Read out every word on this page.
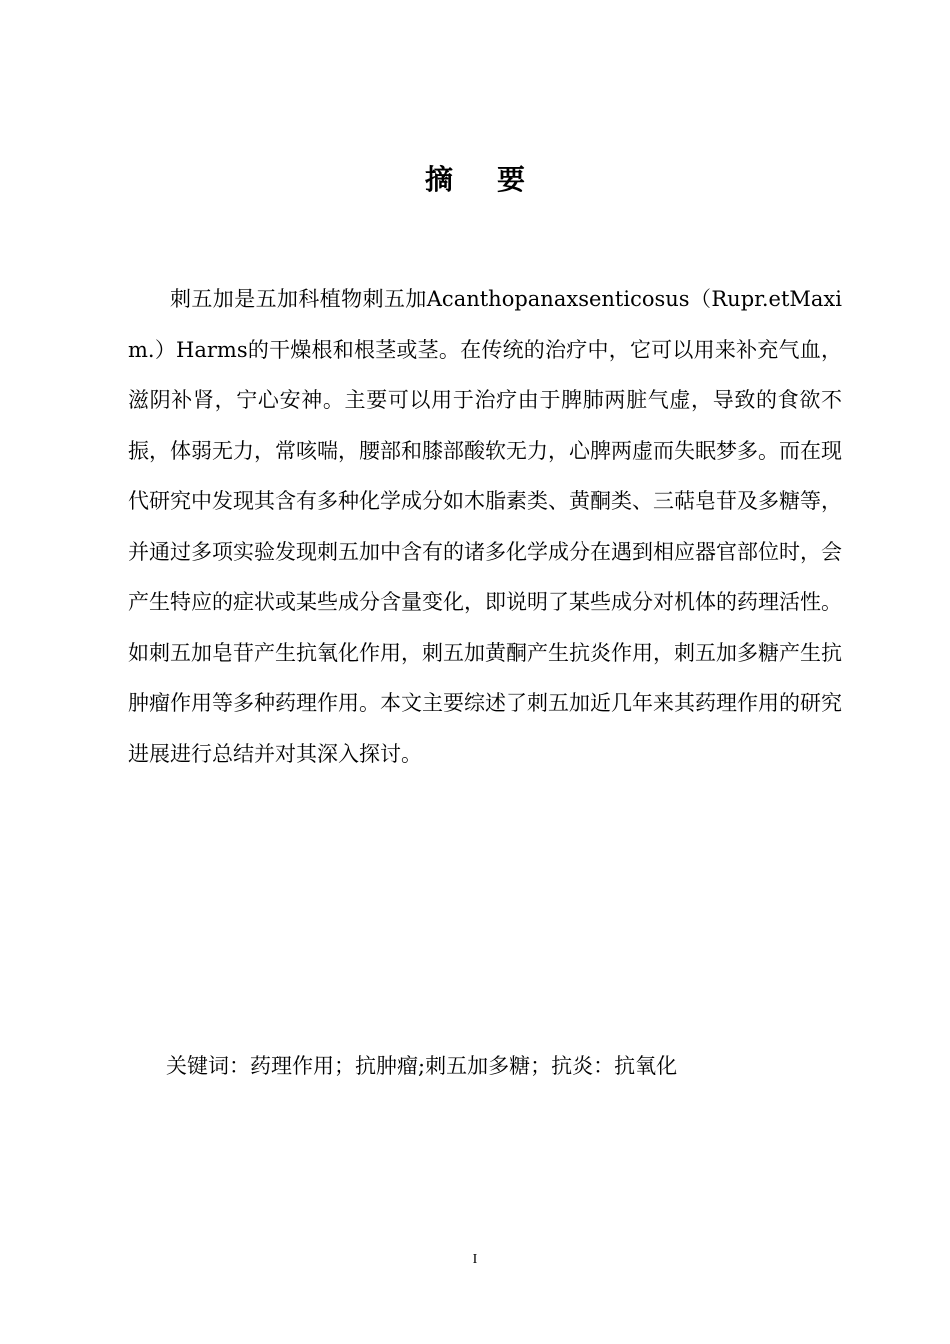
摘要
刺五加是五加科植物刺五加Acanthopanaxsenticosus（Rupr.etMaxim.）Harms的干燥根和根茎或茎。在传统的治疗中，它可以用来补充气血，滋阴补肾，宁心安神。主要可以用于治疗由于脾肺两脏气虚，导致的食欲不振，体弱无力，常咳喘，腰部和膝部酸软无力，心脾两虚而失眠梦多。而在现代研究中发现其含有多种化学成分如木脂素类、黄酮类、三萜皂苷及多糖等，并通过多项实验发现刺五加中含有的诸多化学成分在遇到相应器官部位时，会产生特应的症状或某些成分含量变化，即说明了某些成分对机体的药理活性。如刺五加皂苷产生抗氧化作用，刺五加黄酮产生抗炎作用，刺五加多糖产生抗肿瘤作用等多种药理作用。本文主要综述了刺五加近几年来其药理作用的研究进展进行总结并对其深入探讨。
关键词：药理作用；抗肿瘤;刺五加多糖；抗炎：抗氧化
I
